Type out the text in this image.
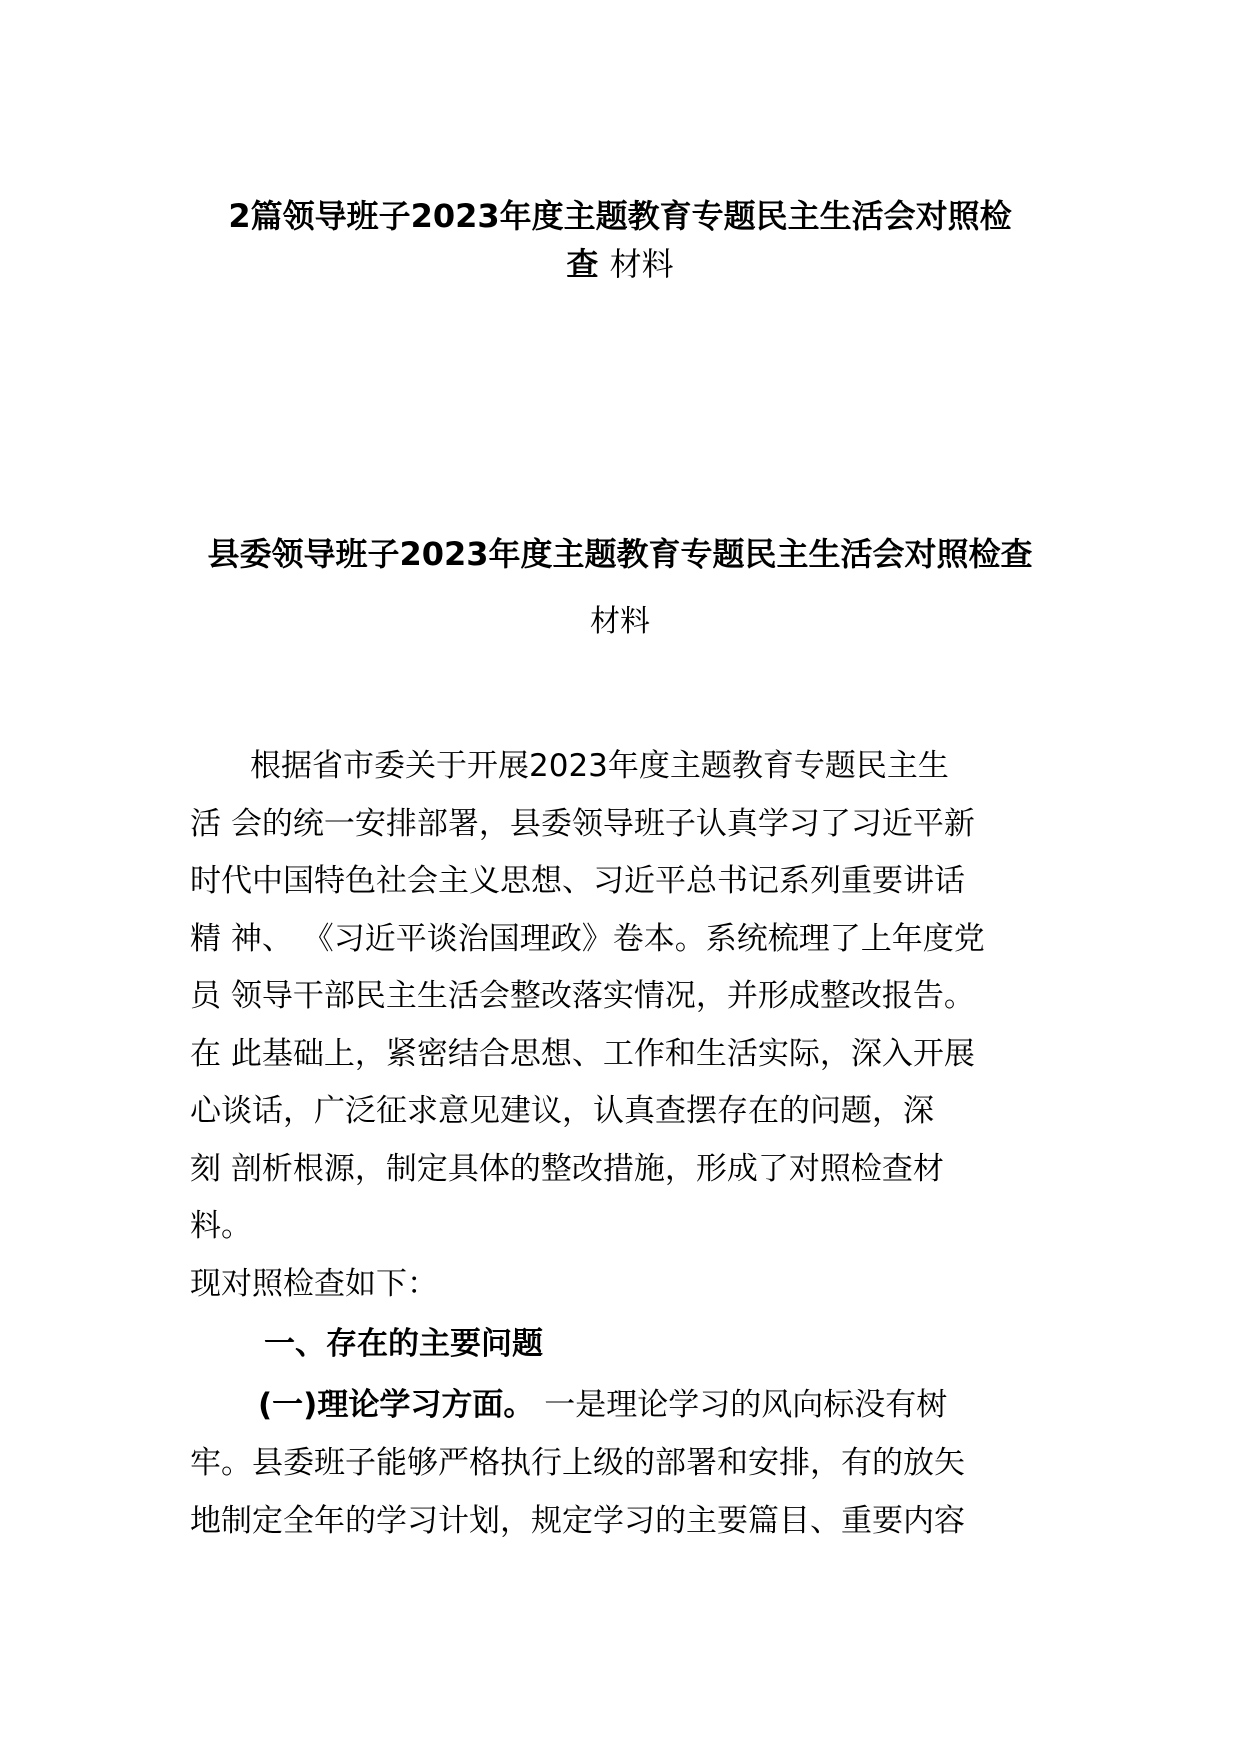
2篇领导班子2023年度主题教育专题民主生活会对照检
查 材料
县委领导班子2023年度主题教育专题民主生活会对照检查
材料
根据省市委关于开展2023年度主题教育专题民主生
活 会的统一安排部署，县委领导班子认真学习了习近平新
时代中国特色社会主义思想、习近平总书记系列重要讲话
精 神、 《习近平谈治国理政》卷本。系统梳理了上年度党
员 领导干部民主生活会整改落实情况，并形成整改报告。
在 此基础上，紧密结合思想、工作和生活实际，深入开展
心谈话，广泛征求意见建议，认真查摆存在的问题，深
刻 剖析根源，制定具体的整改措施，形成了对照检查材
料。
现对照检查如下：
一、存在的主要问题
(一)理论学习方面。 一是理论学习的风向标没有树
牢。县委班子能够严格执行上级的部署和安排，有的放矢
地制定全年的学习计划，规定学习的主要篇目、重要内容
